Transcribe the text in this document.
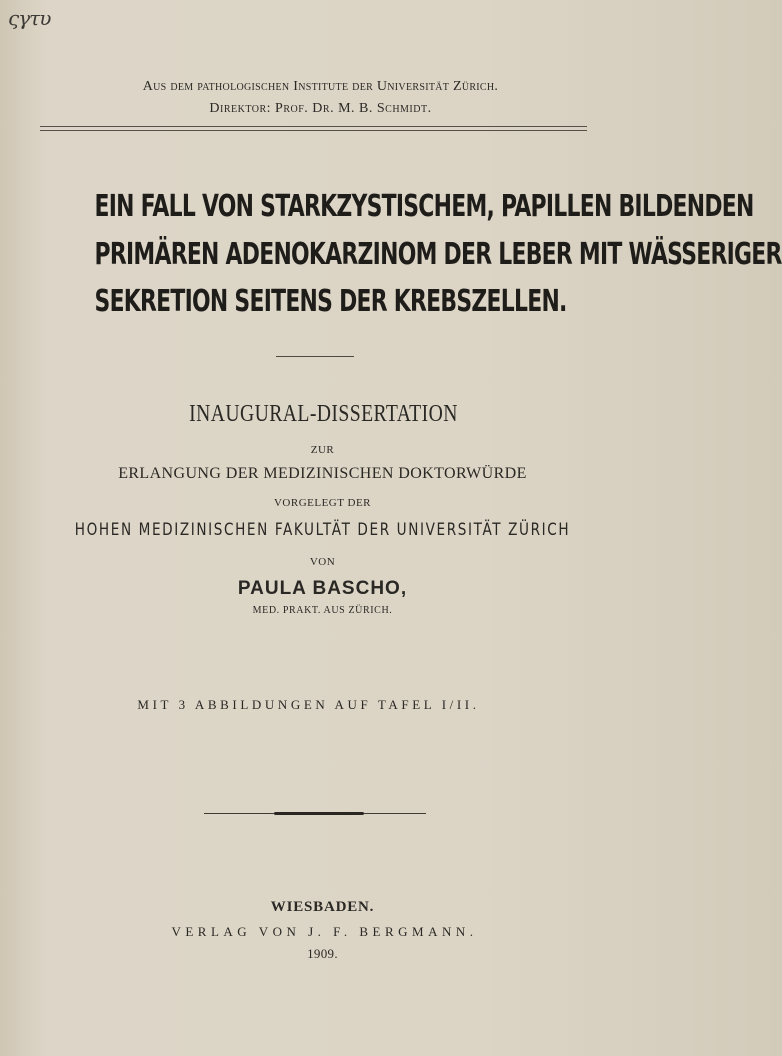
ςγτυ
Aus dem pathologischen Institute der Universität Zürich.
Direktor: Prof. Dr. M. B. Schmidt.
EIN FALL VON STARKZYSTISCHEM, PAPILLEN BILDENDEN
PRIMÄREN ADENOKARZINOM DER LEBER MIT WÄSSERIGER
SEKRETION SEITENS DER KREBSZELLEN.
INAUGURAL-DISSERTATION
ZUR
ERLANGUNG DER MEDIZINISCHEN DOKTORWÜRDE
VORGELEGT DER
HOHEN MEDIZINISCHEN FAKULTÄT DER UNIVERSITÄT ZÜRICH
VON
PAULA BASCHO,
MED. PRAKT. AUS ZÜRICH.
MIT 3 ABBILDUNGEN AUF TAFEL I/II.
WIESBADEN.
VERLAG VON J. F. BERGMANN.
1909.
